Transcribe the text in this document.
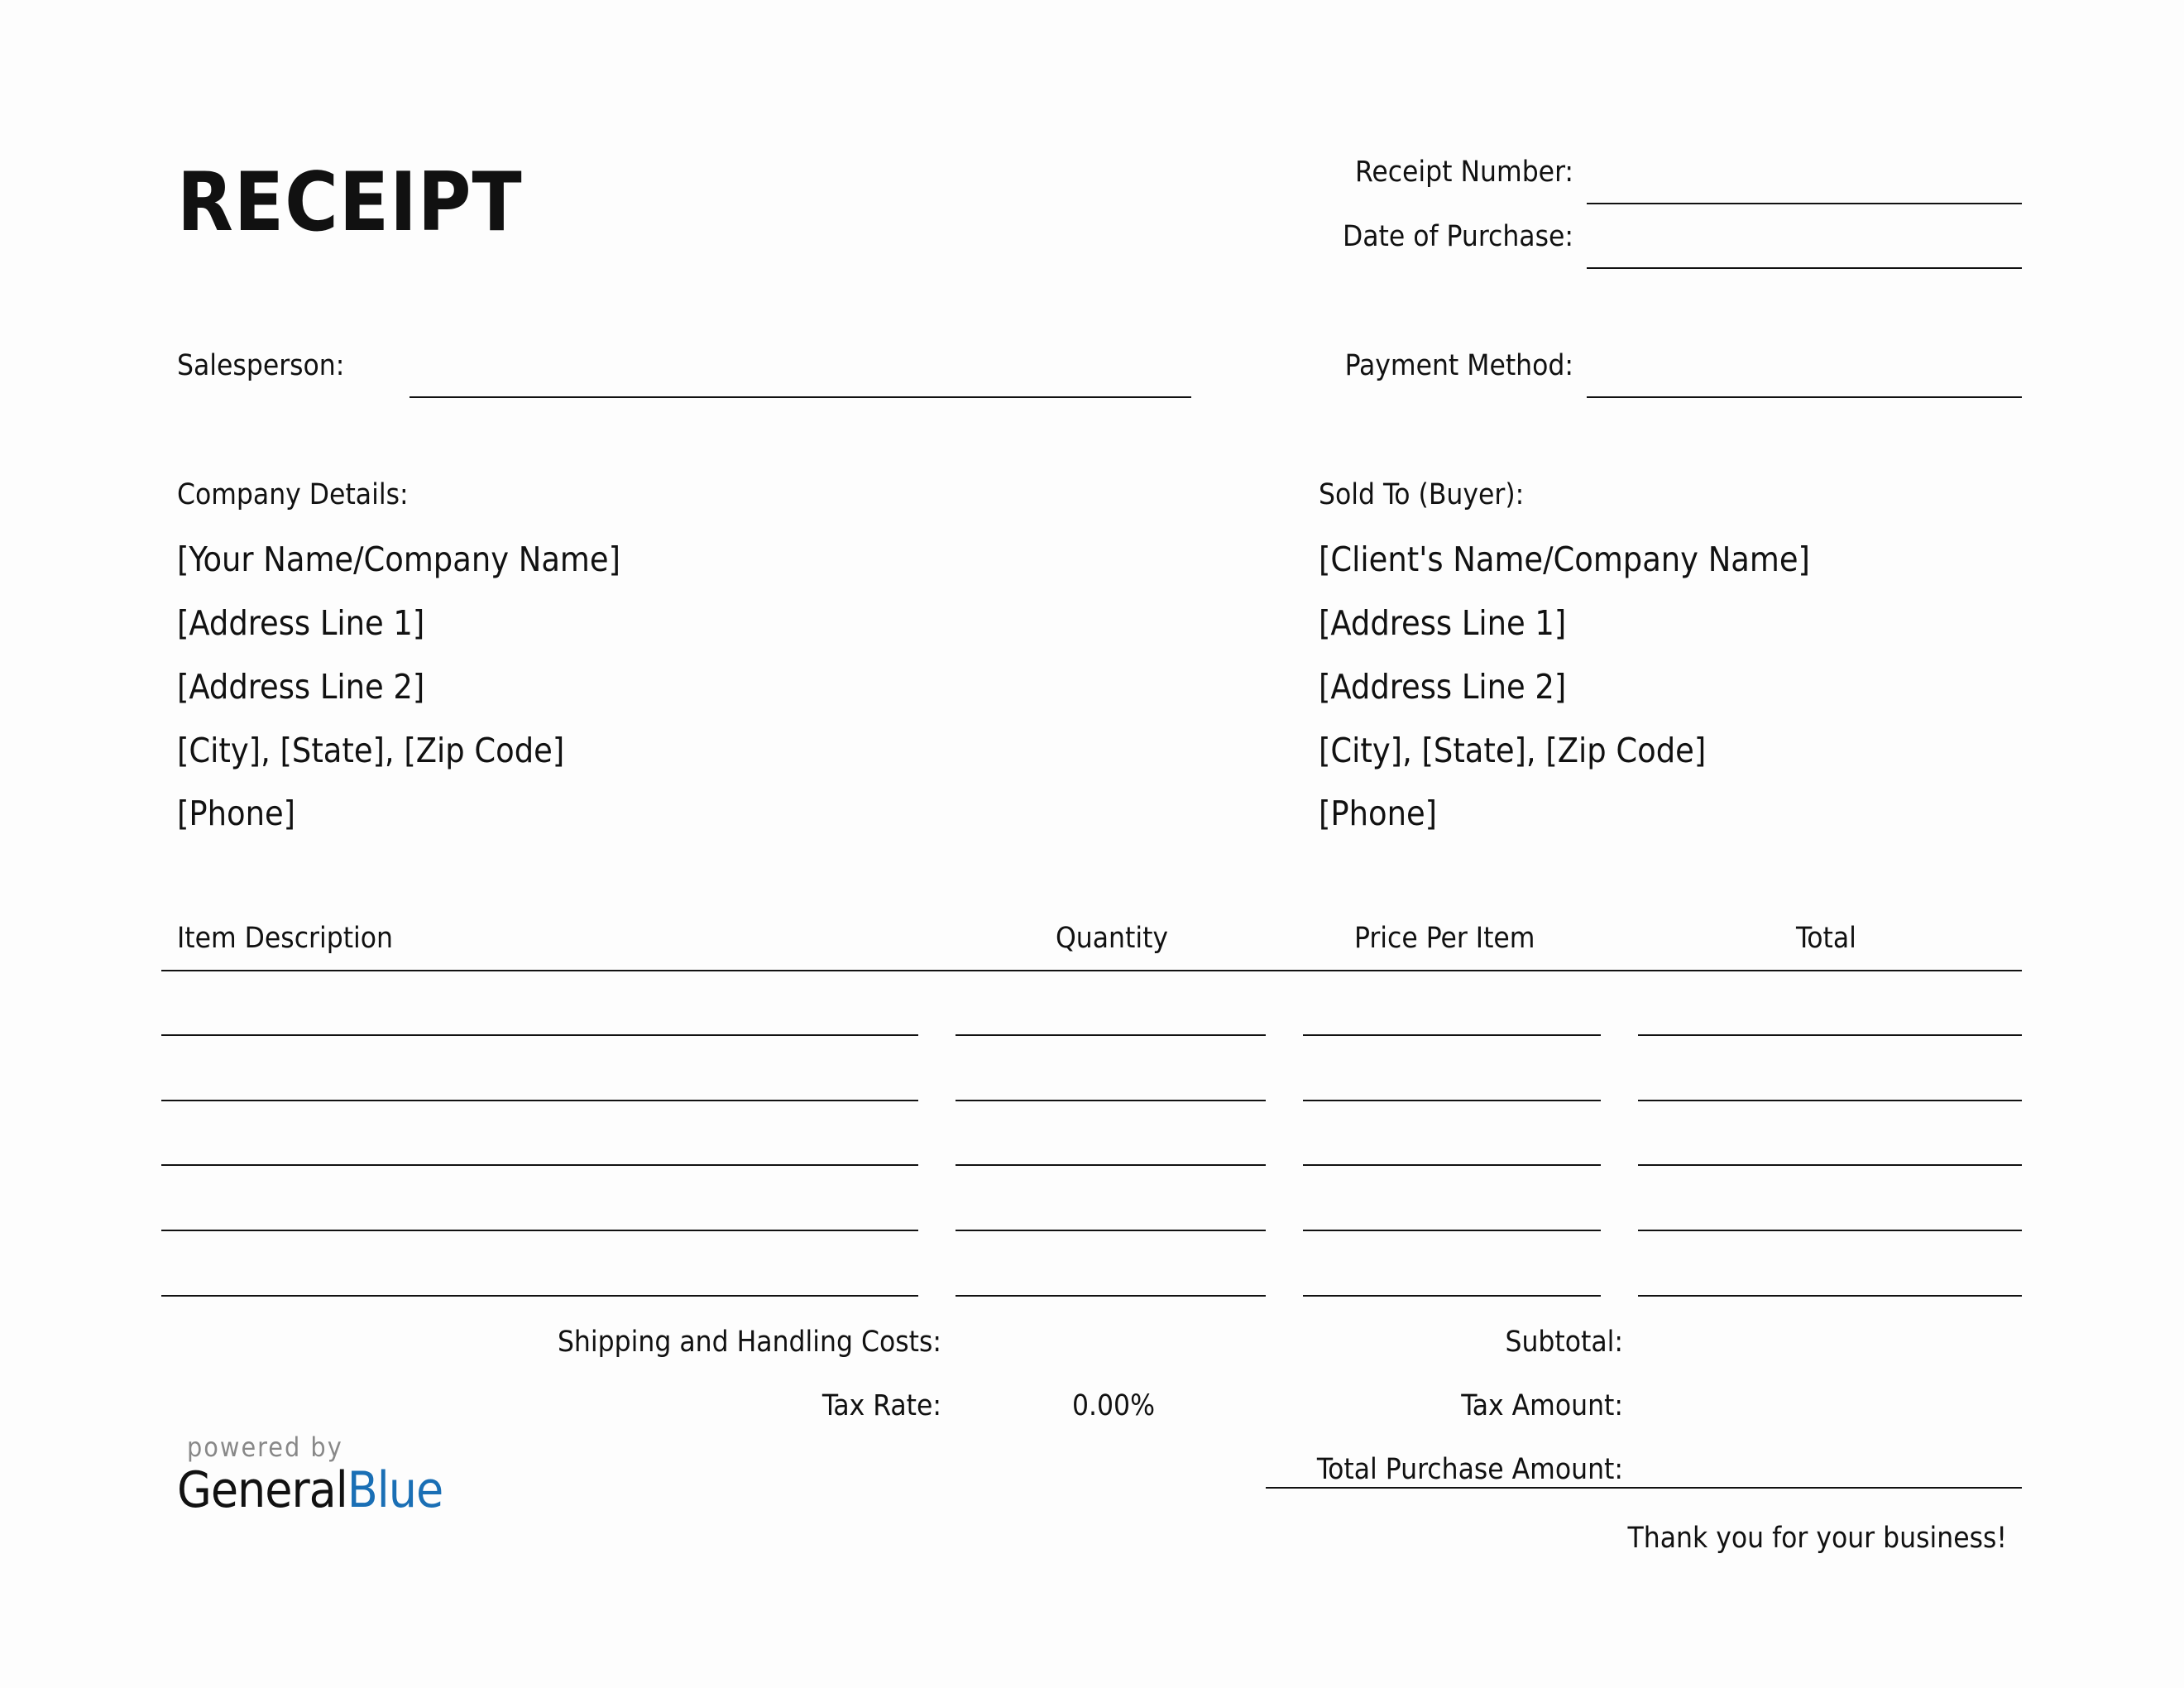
RECEIPT	Receipt Number:
Date of Purchase:
Salesperson:	Payment Method:
Company Details:
[Your Name/Company Name]
[Address Line 1]
[Address Line 2]
[City], [State], [Zip Code]
[Phone]
Sold To (Buyer):
[Client's Name/Company Name]
[Address Line 1]
[Address Line 2]
[City], [State], [Zip Code]
[Phone]
Item Description	Quantity	Price Per Item	Total
Shipping and Handling Costs:
Tax Rate:	0.00%
Subtotal:
Tax Amount:
Total Purchase Amount:
Thank you for your business!
powered by
GeneralBlue
